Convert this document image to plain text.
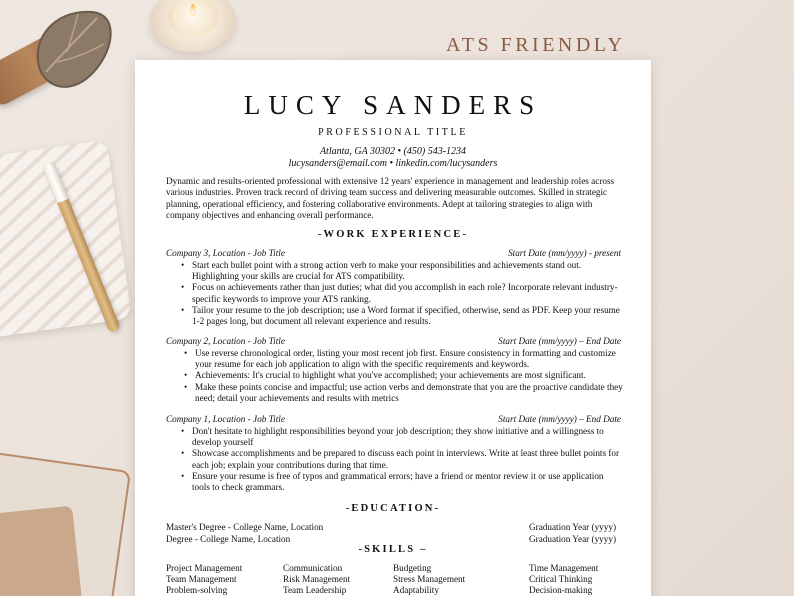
ATS FRIENDLY
LUCY SANDERS
PROFESSIONAL TITLE
Atlanta, GA 30302 • (450) 543-1234
lucysanders@email.com • linkedin.com/lucysanders
Dynamic and results-oriented professional with extensive 12 years' experience in management and leadership roles across various industries. Proven track record of driving team success and delivering measurable outcomes. Skilled in strategic planning, operational efficiency, and fostering collaborative environments. Adept at tailoring strategies to align with company objectives and enhancing overall performance.
-WORK EXPERIENCE-
Company 3, Location - Job Title	Start Date (mm/yyyy) - present
• Start each bullet point with a strong action verb to make your responsibilities and achievements stand out. Highlighting your skills are crucial for ATS compatibility.
• Focus on achievements rather than just duties; what did you accomplish in each role? Incorporate relevant industry-specific keywords to improve your ATS ranking.
• Tailor your resume to the job description; use a Word format if specified, otherwise, send as PDF. Keep your resume 1-2 pages long, but document all relevant experience and results.
Company 2, Location - Job Title	Start Date (mm/yyyy) – End Date
• Use reverse chronological order, listing your most recent job first. Ensure consistency in formatting and customize your resume for each job application to align with the specific requirements and keywords.
• Achievements: It's crucial to highlight what you've accomplished; your achievements are most significant.
• Make these points concise and impactful; use action verbs and demonstrate that you are the proactive candidate they need; detail your achievements and results with metrics
Company 1, Location - Job Title	Start Date (mm/yyyy) – End Date
• Don't hesitate to highlight responsibilities beyond your job description; they show initiative and a willingness to develop yourself
• Showcase accomplishments and be prepared to discuss each point in interviews. Write at least three bullet points for each job; explain your contributions during that time.
• Ensure your resume is free of typos and grammatical errors; have a friend or mentor review it or use application tools to check grammars.
-EDUCATION-
Master's Degree - College Name, Location	Graduation Year (yyyy)
Degree - College Name, Location	Graduation Year (yyyy)
-SKILLS –
Project Management	Communication	Budgeting	Time Management
Team Management	Risk Management	Stress Management	Critical Thinking
Problem-solving	Team Leadership	Adaptability	Decision-making
